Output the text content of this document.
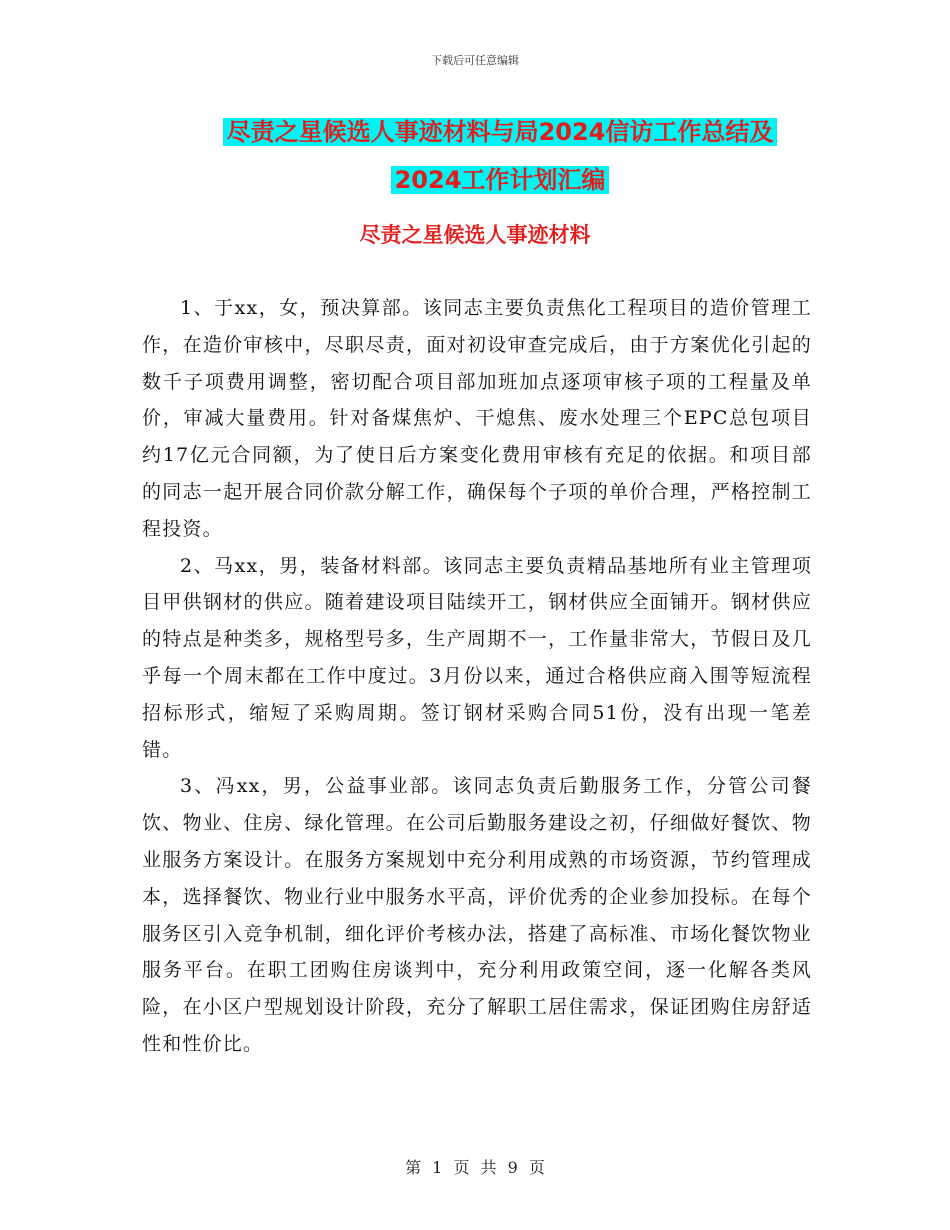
下载后可任意编辑
尽责之星候选人事迹材料与局2024信访工作总结及
2024工作计划汇编
尽责之星候选人事迹材料

1、于xx，女，预决算部。该同志主要负责焦化工程项目的造价管理工作，在造价审核中，尽职尽责，面对初设审查完成后，由于方案优化引起的数千子项费用调整，密切配合项目部加班加点逐项审核子项的工程量及单价，审减大量费用。针对备煤焦炉、干熄焦、废水处理三个EPC总包项目约17亿元合同额，为了使日后方案变化费用审核有充足的依据。和项目部的同志一起开展合同价款分解工作，确保每个子项的单价合理，严格控制工程投资。

2、马xx，男，装备材料部。该同志主要负责精品基地所有业主管理项目甲供钢材的供应。随着建设项目陆续开工，钢材供应全面铺开。钢材供应的特点是种类多，规格型号多，生产周期不一，工作量非常大，节假日及几乎每一个周末都在工作中度过。3月份以来，通过合格供应商入围等短流程招标形式，缩短了采购周期。签订钢材采购合同51份，没有出现一笔差错。

3、冯xx，男，公益事业部。该同志负责后勤服务工作，分管公司餐饮、物业、住房、绿化管理。在公司后勤服务建设之初，仔细做好餐饮、物业服务方案设计。在服务方案规划中充分利用成熟的市场资源，节约管理成本，选择餐饮、物业行业中服务水平高，评价优秀的企业参加投标。在每个服务区引入竞争机制，细化评价考核办法，搭建了高标准、市场化餐饮物业服务平台。在职工团购住房谈判中，充分利用政策空间，逐一化解各类风险，在小区户型规划设计阶段，充分了解职工居住需求，保证团购住房舒适性和性价比。

第 1 页 共 9 页
